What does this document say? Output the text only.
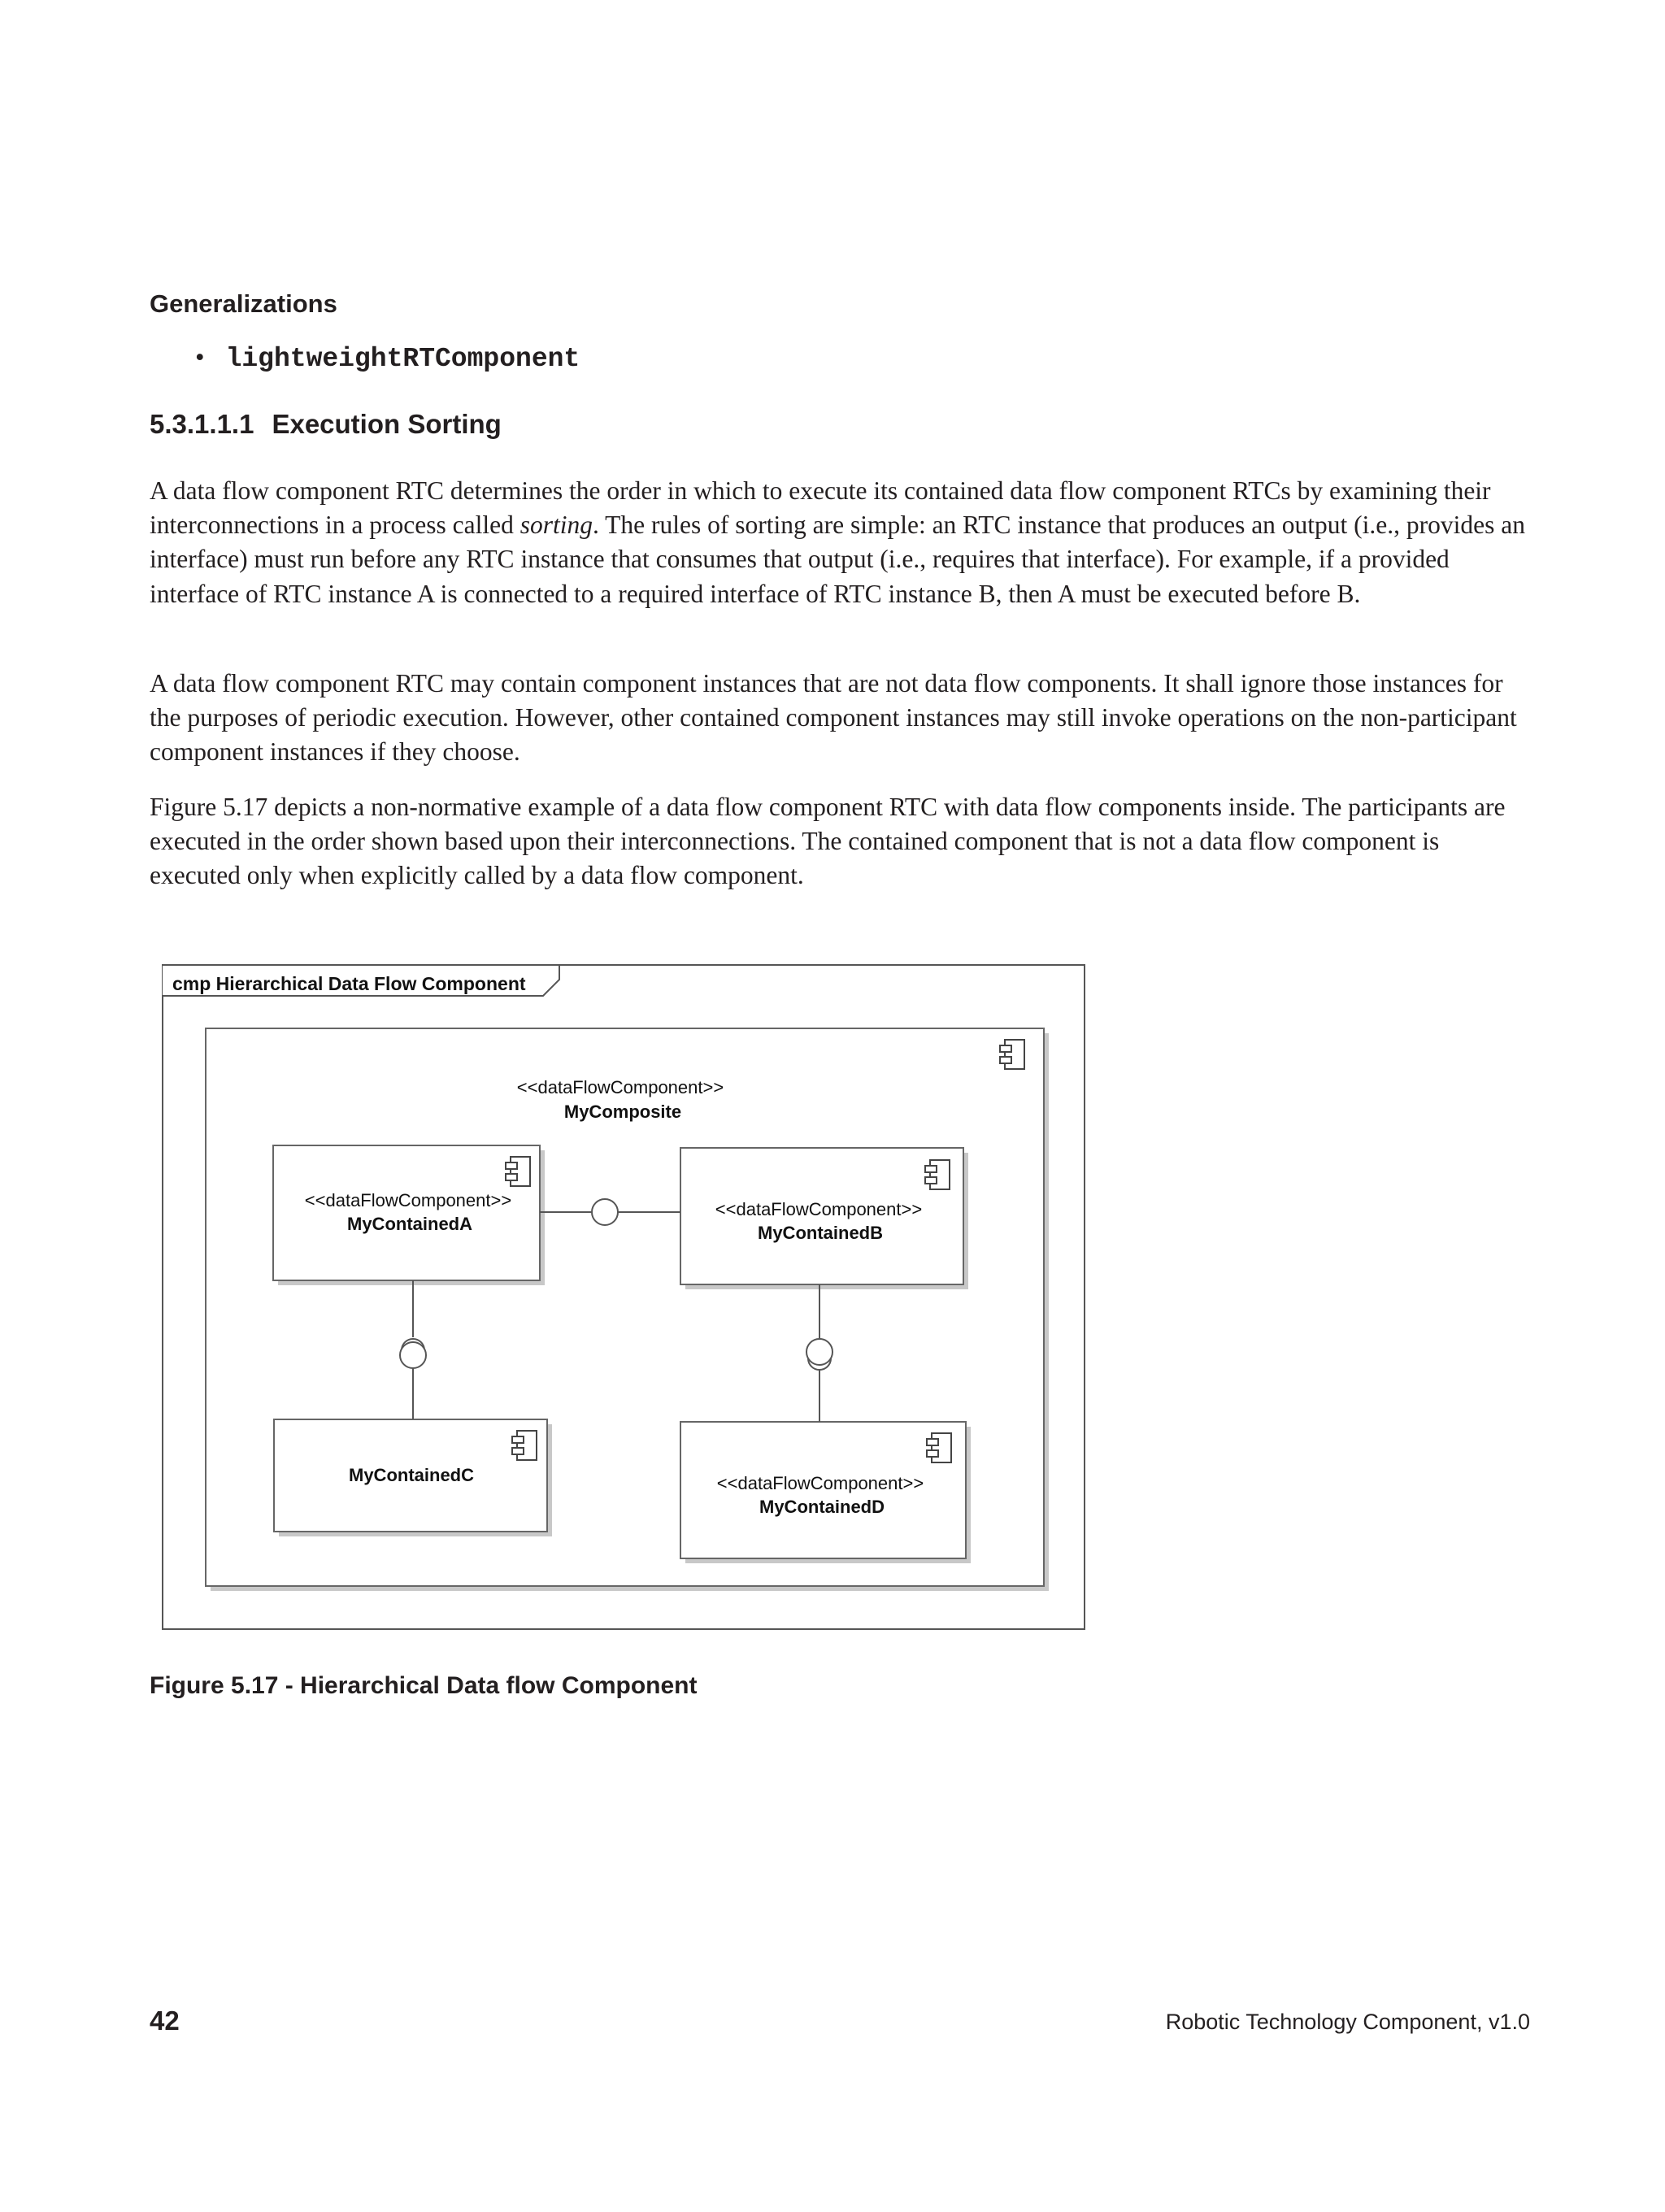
Generalizations
• lightweightRTComponent
5.3.1.1.1 Execution Sorting
A data flow component RTC determines the order in which to execute its contained data flow component RTCs by examining their interconnections in a process called sorting. The rules of sorting are simple: an RTC instance that produces an output (i.e., provides an interface) must run before any RTC instance that consumes that output (i.e., requires that interface). For example, if a provided interface of RTC instance A is connected to a required interface of RTC instance B, then A must be executed before B.
A data flow component RTC may contain component instances that are not data flow components. It shall ignore those instances for the purposes of periodic execution. However, other contained component instances may still invoke operations on the non-participant component instances if they choose.
Figure 5.17 depicts a non-normative example of a data flow component RTC with data flow components inside. The participants are executed in the order shown based upon their interconnections. The contained component that is not a data flow component is executed only when explicitly called by a data flow component.
cmp Hierarchical Data Flow Component
<<dataFlowComponent>>
MyComposite
<<dataFlowComponent>>
MyContainedA
<<dataFlowComponent>>
MyContainedB
MyContainedC	<<dataFlowComponent>>
MyContainedD
Figure 5.17 - Hierarchical Data flow Component
42	Robotic Technology Component, v1.0
